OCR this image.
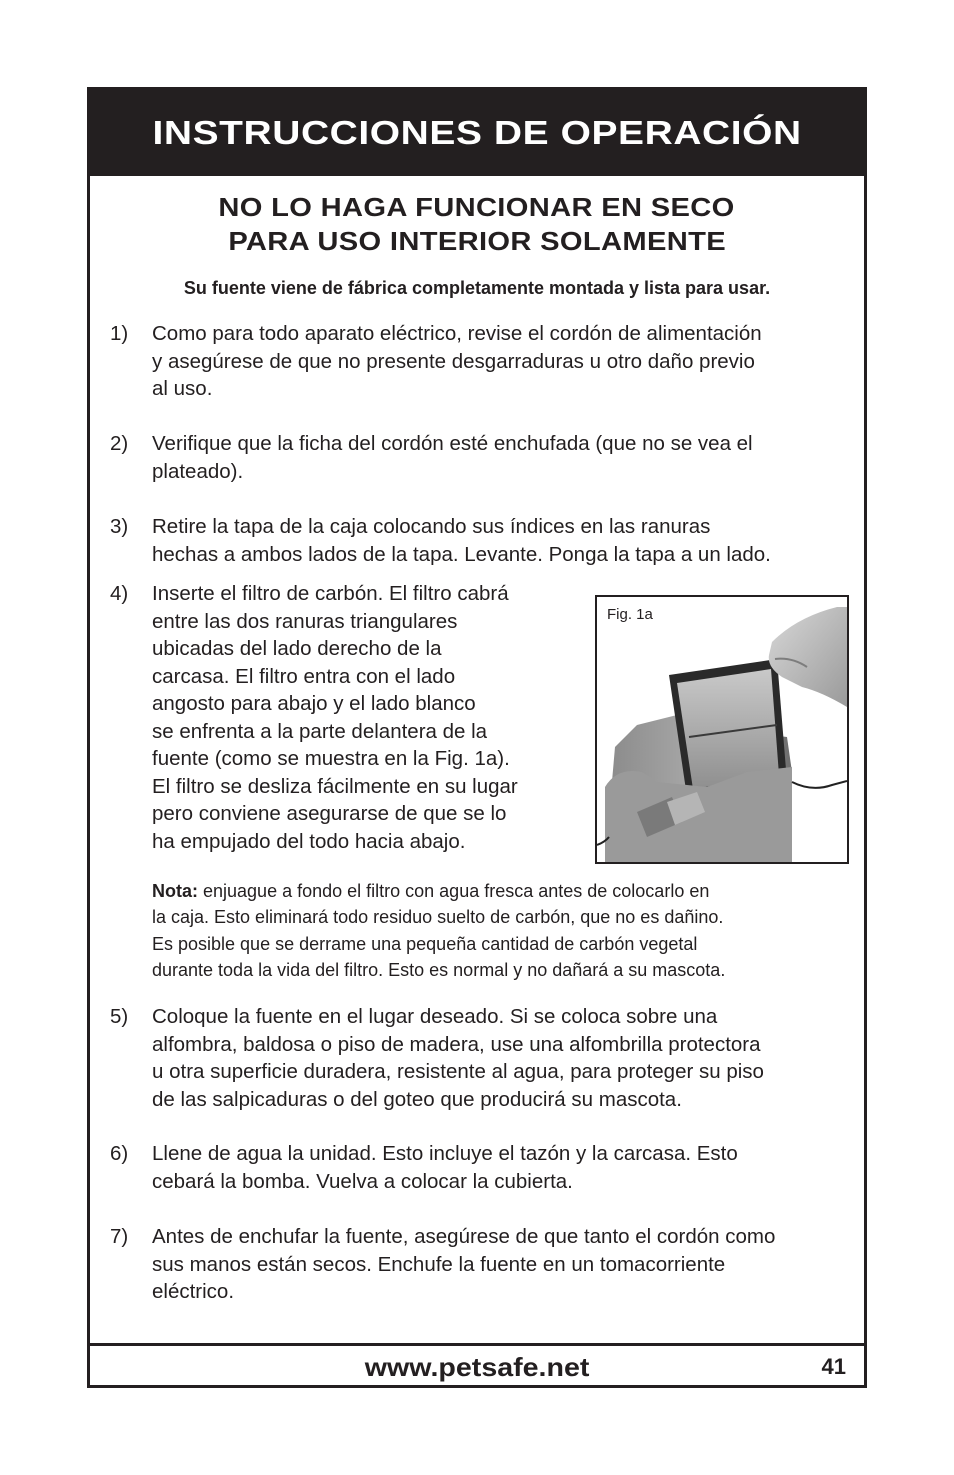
INSTRUCCIONES DE OPERACIÓN
NO LO HAGA FUNCIONAR EN SECO
PARA USO INTERIOR SOLAMENTE
Su fuente viene de fábrica completamente montada y lista para usar.
1) Como para todo aparato eléctrico, revise el cordón de alimentación
y asegúrese de que no presente desgarraduras u otro daño previo
al uso.
2) Verifique que la ficha del cordón esté enchufada (que no se vea el
plateado).
3) Retire la tapa de la caja colocando sus índices en las ranuras
hechas a ambos lados de la tapa. Levante. Ponga la tapa a un lado.
4) Inserte el filtro de carbón. El filtro cabrá
entre las dos ranuras triangulares
ubicadas del lado derecho de la
carcasa. El filtro entra con el lado
angosto para abajo y el lado blanco
se enfrenta a la parte delantera de la
fuente (como se muestra en la Fig. 1a).
El filtro se desliza fácilmente en su lugar
pero conviene asegurarse de que se lo
ha empujado del todo hacia abajo.
Fig. 1a
Nota: enjuague a fondo el filtro con agua fresca antes de colocarlo en
la caja. Esto eliminará todo residuo suelto de carbón, que no es dañino.
Es posible que se derrame una pequeña cantidad de carbón vegetal
durante toda la vida del filtro. Esto es normal y no dañará a su mascota.
5) Coloque la fuente en el lugar deseado. Si se coloca sobre una
alfombra, baldosa o piso de madera, use una alfombrilla protectora
u otra superficie duradera, resistente al agua, para proteger su piso
de las salpicaduras o del goteo que producirá su mascota.
6) Llene de agua la unidad. Esto incluye el tazón y la carcasa. Esto
cebará la bomba. Vuelva a colocar la cubierta.
7) Antes de enchufar la fuente, asegúrese de que tanto el cordón como
sus manos están secos. Enchufe la fuente en un tomacorriente
eléctrico.
www.petsafe.net	41
